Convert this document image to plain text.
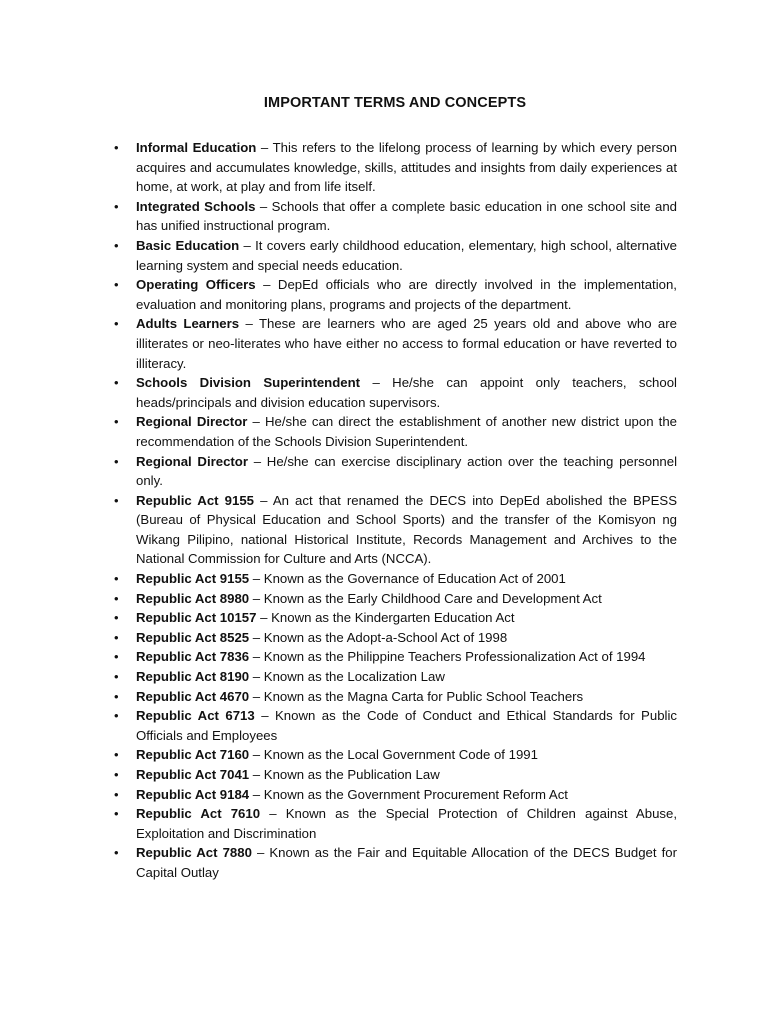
IMPORTANT TERMS AND CONCEPTS
• Informal Education – This refers to the lifelong process of learning by which every person acquires and accumulates knowledge, skills, attitudes and insights from daily experiences at home, at work, at play and from life itself.
• Integrated Schools – Schools that offer a complete basic education in one school site and has unified instructional program.
• Basic Education – It covers early childhood education, elementary, high school, alternative learning system and special needs education.
• Operating Officers – DepEd officials who are directly involved in the implementation, evaluation and monitoring plans, programs and projects of the department.
• Adults Learners – These are learners who are aged 25 years old and above who are illiterates or neo-literates who have either no access to formal education or have reverted to illiteracy.
• Schools Division Superintendent – He/she can appoint only teachers, school heads/principals and division education supervisors.
• Regional Director – He/she can direct the establishment of another new district upon the recommendation of the Schools Division Superintendent.
• Regional Director – He/she can exercise disciplinary action over the teaching personnel only.
• Republic Act 9155 – An act that renamed the DECS into DepEd abolished the BPESS (Bureau of Physical Education and School Sports) and the transfer of the Komisyon ng Wikang Pilipino, national Historical Institute, Records Management and Archives to the National Commission for Culture and Arts (NCCA).
• Republic Act 9155 – Known as the Governance of Education Act of 2001
• Republic Act 8980 – Known as the Early Childhood Care and Development Act
• Republic Act 10157 – Known as the Kindergarten Education Act
• Republic Act 8525 – Known as the Adopt-a-School Act of 1998
• Republic Act 7836 – Known as the Philippine Teachers Professionalization Act of 1994
• Republic Act 8190 – Known as the Localization Law
• Republic Act 4670 – Known as the Magna Carta for Public School Teachers
• Republic Act 6713 – Known as the Code of Conduct and Ethical Standards for Public Officials and Employees
• Republic Act 7160 – Known as the Local Government Code of 1991
• Republic Act 7041 – Known as the Publication Law
• Republic Act 9184 – Known as the Government Procurement Reform Act
• Republic Act 7610 – Known as the Special Protection of Children against Abuse, Exploitation and Discrimination
• Republic Act 7880 – Known as the Fair and Equitable Allocation of the DECS Budget for Capital Outlay
